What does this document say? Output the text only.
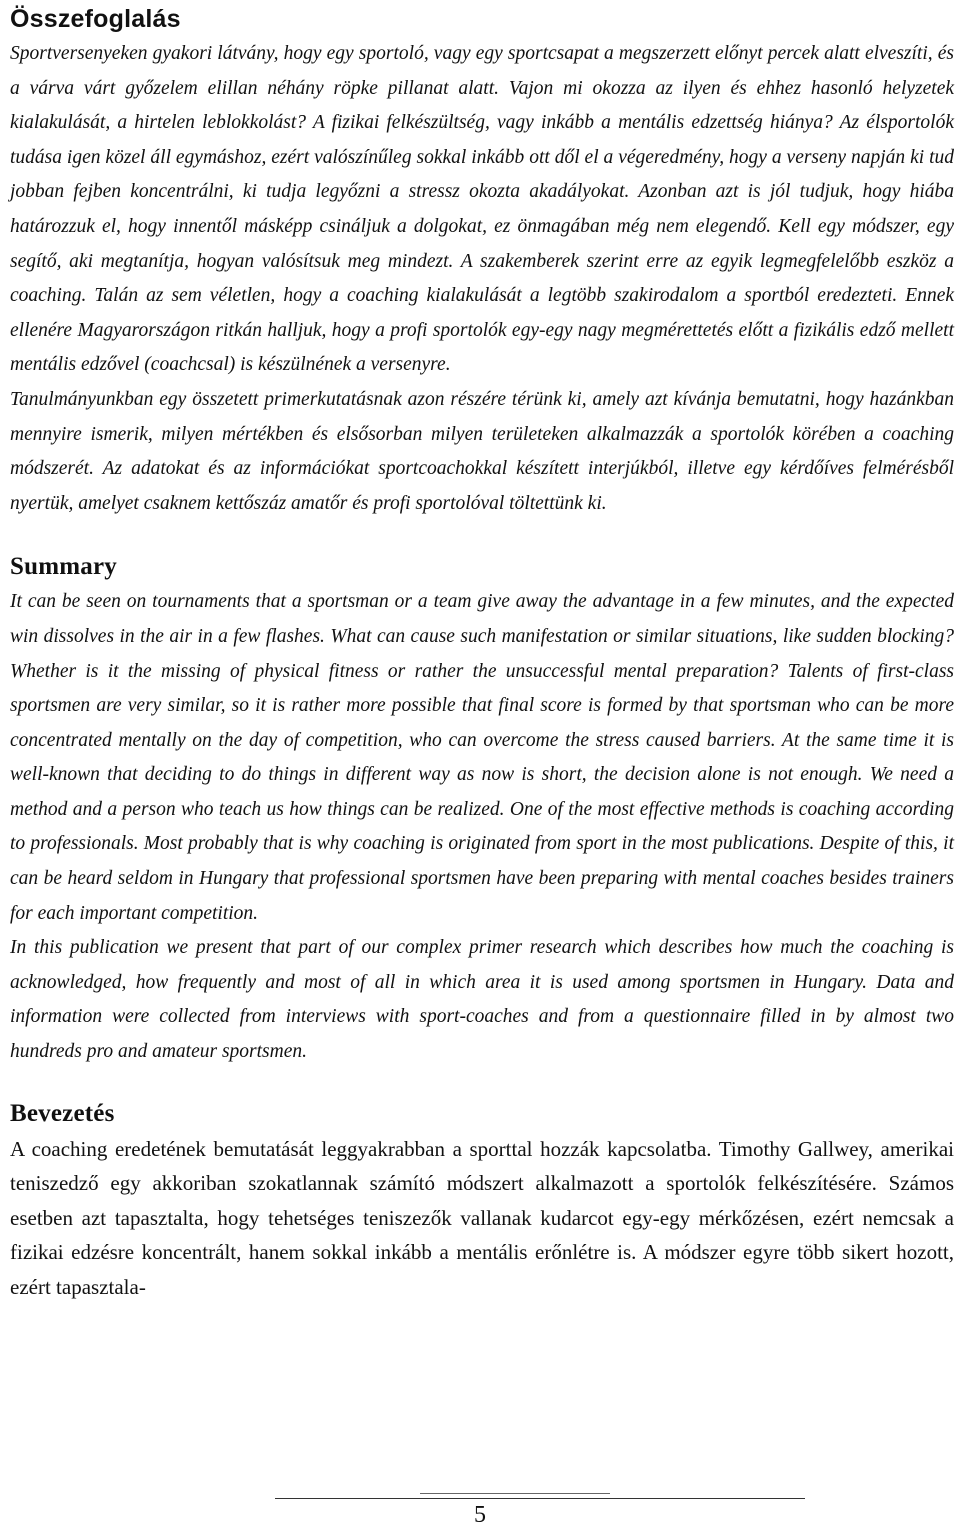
Összefoglalás

Sportversenyeken gyakori látvány, hogy egy sportoló, vagy egy sportcsapat a megszerzett előnyt percek alatt elveszíti, és a várva várt győzelem elillan néhány röpke pillanat alatt. Vajon mi okozza az ilyen és ehhez hasonló helyzetek kialakulását, a hirtelen leblokkolást? A fizikai felkészültség, vagy inkább a mentális edzettség hiánya? Az élsportolók tudása igen közel áll egymáshoz, ezért valószínűleg sokkal inkább ott dől el a végeredmény, hogy a verseny napján ki tud jobban fejben koncentrálni, ki tudja legyőzni a stressz okozta akadályokat. Azonban azt is jól tudjuk, hogy hiába határozzuk el, hogy innentől másképp csináljuk a dolgokat, ez önmagában még nem elegendő. Kell egy módszer, egy segítő, aki megtanítja, hogyan valósítsuk meg mindezt. A szakemberek szerint erre az egyik legmegfelelőbb eszköz a coaching. Talán az sem véletlen, hogy a coaching kialakulását a legtöbb szakirodalom a sportból eredezteti. Ennek ellenére Magyarországon ritkán halljuk, hogy a profi sportolók egy-egy nagy megmérettetés előtt a fizikális edző mellett mentális edzővel (coachcsal) is készülnének a versenyre.

Tanulmányunkban egy összetett primerkutatásnak azon részére térünk ki, amely azt kívánja bemutatni, hogy hazánkban mennyire ismerik, milyen mértékben és elsősorban milyen területeken alkalmazzák a sportolók körében a coaching módszerét. Az adatokat és az információkat sportcoachokkal készített interjúkból, illetve egy kérdőíves felmérésből nyertük, amelyet csaknem kettőszáz amatőr és profi sportolóval töltettünk ki.

Summary

It can be seen on tournaments that a sportsman or a team give away the advantage in a few minutes, and the expected win dissolves in the air in a few flashes. What can cause such manifestation or similar situations, like sudden blocking? Whether is it the missing of physical fitness or rather the unsuccessful mental preparation? Talents of first-class sportsmen are very similar, so it is rather more possible that final score is formed by that sportsman who can be more concentrated mentally on the day of competition, who can overcome the stress caused barriers. At the same time it is well-known that deciding to do things in different way as now is short, the decision alone is not enough. We need a method and a person who teach us how things can be realized. One of the most effective methods is coaching according to professionals. Most probably that is why coaching is originated from sport in the most publications. Despite of this, it can be heard seldom in Hungary that professional sportsmen have been preparing with mental coaches besides trainers for each important competition.

In this publication we present that part of our complex primer research which describes how much the coaching is acknowledged, how frequently and most of all in which area it is used among sportsmen in Hungary. Data and information were collected from interviews with sport-coaches and from a questionnaire filled in by almost two hundreds pro and amateur sportsmen.

Bevezetés

A coaching eredetének bemutatását leggyakrabban a sporttal hozzák kapcsolatba. Timothy Gallwey, amerikai teniszedző egy akkoriban szokatlannak számító módszert alkalmazott a sportolók felkészítésére. Számos esetben azt tapasztalta, hogy tehetséges teniszezők vallanak kudarcot egy-egy mérkőzésen, ezért nemcsak a fizikai edzésre koncentrált, hanem sokkal inkább a mentális erőnlétre is. A módszer egyre több sikert hozott, ezért tapasztala-

5
